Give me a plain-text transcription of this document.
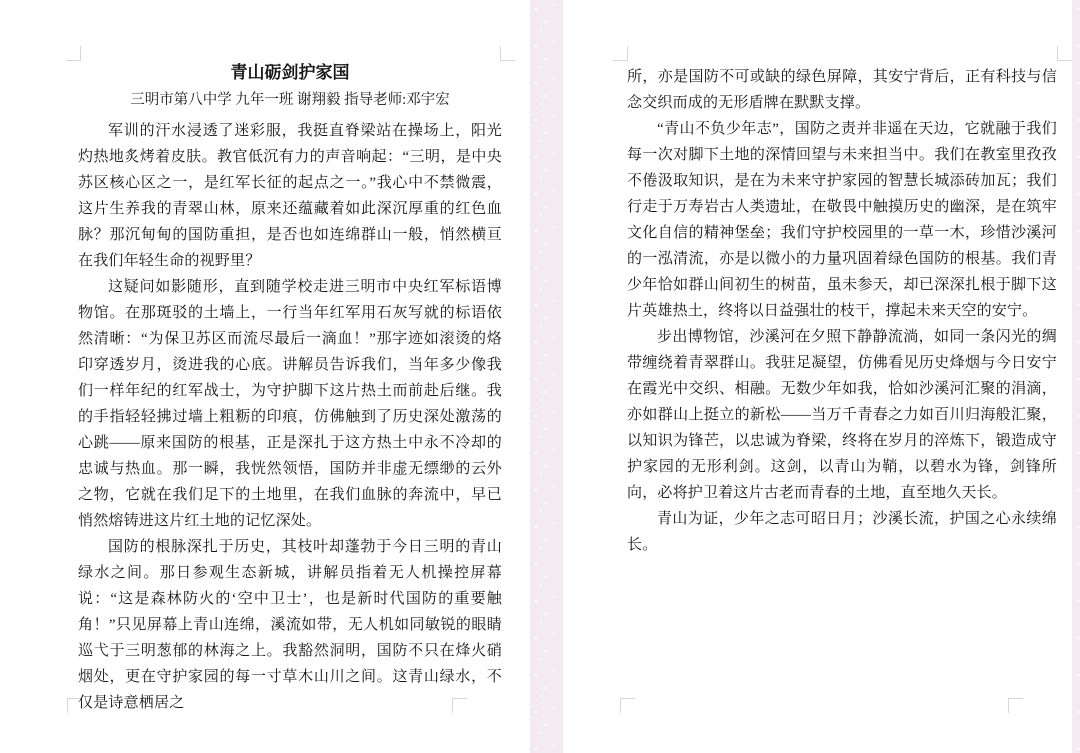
青山砺剑护家国
三明市第八中学 九年一班 谢翔毅 指导老师:邓宇宏

军训的汗水浸透了迷彩服，我挺直脊梁站在操场上，阳光灼热地炙烤着皮肤。教官低沉有力的声音响起：“三明，是中央苏区核心区之一，是红军长征的起点之一。”我心中不禁微震，这片生养我的青翠山林，原来还蕴藏着如此深沉厚重的红色血脉？那沉甸甸的国防重担，是否也如连绵群山一般，悄然横亘在我们年轻生命的视野里？

这疑问如影随形，直到随学校走进三明市中央红军标语博物馆。在那斑驳的土墙上，一行当年红军用石灰写就的标语依然清晰：“为保卫苏区而流尽最后一滴血！”那字迹如滚烫的烙印穿透岁月，烫进我的心底。讲解员告诉我们，当年多少像我们一样年纪的红军战士，为守护脚下这片热土而前赴后继。我的手指轻轻拂过墙上粗粝的印痕，仿佛触到了历史深处激荡的心跳——原来国防的根基，正是深扎于这方热土中永不冷却的忠诚与热血。那一瞬，我恍然领悟，国防并非虚无缥缈的云外之物，它就在我们足下的土地里，在我们血脉的奔流中，早已悄然熔铸进这片红土地的记忆深处。

国防的根脉深扎于历史，其枝叶却蓬勃于今日三明的青山绿水之间。那日参观生态新城，讲解员指着无人机操控屏幕说：“这是森林防火的‘空中卫士’，也是新时代国防的重要触角！”只见屏幕上青山连绵，溪流如带，无人机如同敏锐的眼睛巡弋于三明葱郁的林海之上。我豁然洞明，国防不只在烽火硝烟处，更在守护家园的每一寸草木山川之间。这青山绿水，不仅是诗意栖居之

所，亦是国防不可或缺的绿色屏障，其安宁背后，正有科技与信念交织而成的无形盾牌在默默支撑。

“青山不负少年志”，国防之责并非遥在天边，它就融于我们每一次对脚下土地的深情回望与未来担当中。我们在教室里孜孜不倦汲取知识，是在为未来守护家园的智慧长城添砖加瓦；我们行走于万寿岩古人类遗址，在敬畏中触摸历史的幽深，是在筑牢文化自信的精神堡垒；我们守护校园里的一草一木，珍惜沙溪河的一泓清流，亦是以微小的力量巩固着绿色国防的根基。我们青少年恰如群山间初生的树苗，虽未参天，却已深深扎根于脚下这片英雄热土，终将以日益强壮的枝干，撑起未来天空的安宁。

步出博物馆，沙溪河在夕照下静静流淌，如同一条闪光的绸带缠绕着青翠群山。我驻足凝望，仿佛看见历史烽烟与今日安宁在霞光中交织、相融。无数少年如我，恰如沙溪河汇聚的涓滴，亦如群山上挺立的新松——当万千青春之力如百川归海般汇聚，以知识为锋芒，以忠诚为脊梁，终将在岁月的淬炼下，锻造成守护家园的无形利剑。这剑，以青山为鞘，以碧水为锋，剑锋所向，必将护卫着这片古老而青春的土地，直至地久天长。

青山为证，少年之志可昭日月；沙溪长流，护国之心永续绵长。
